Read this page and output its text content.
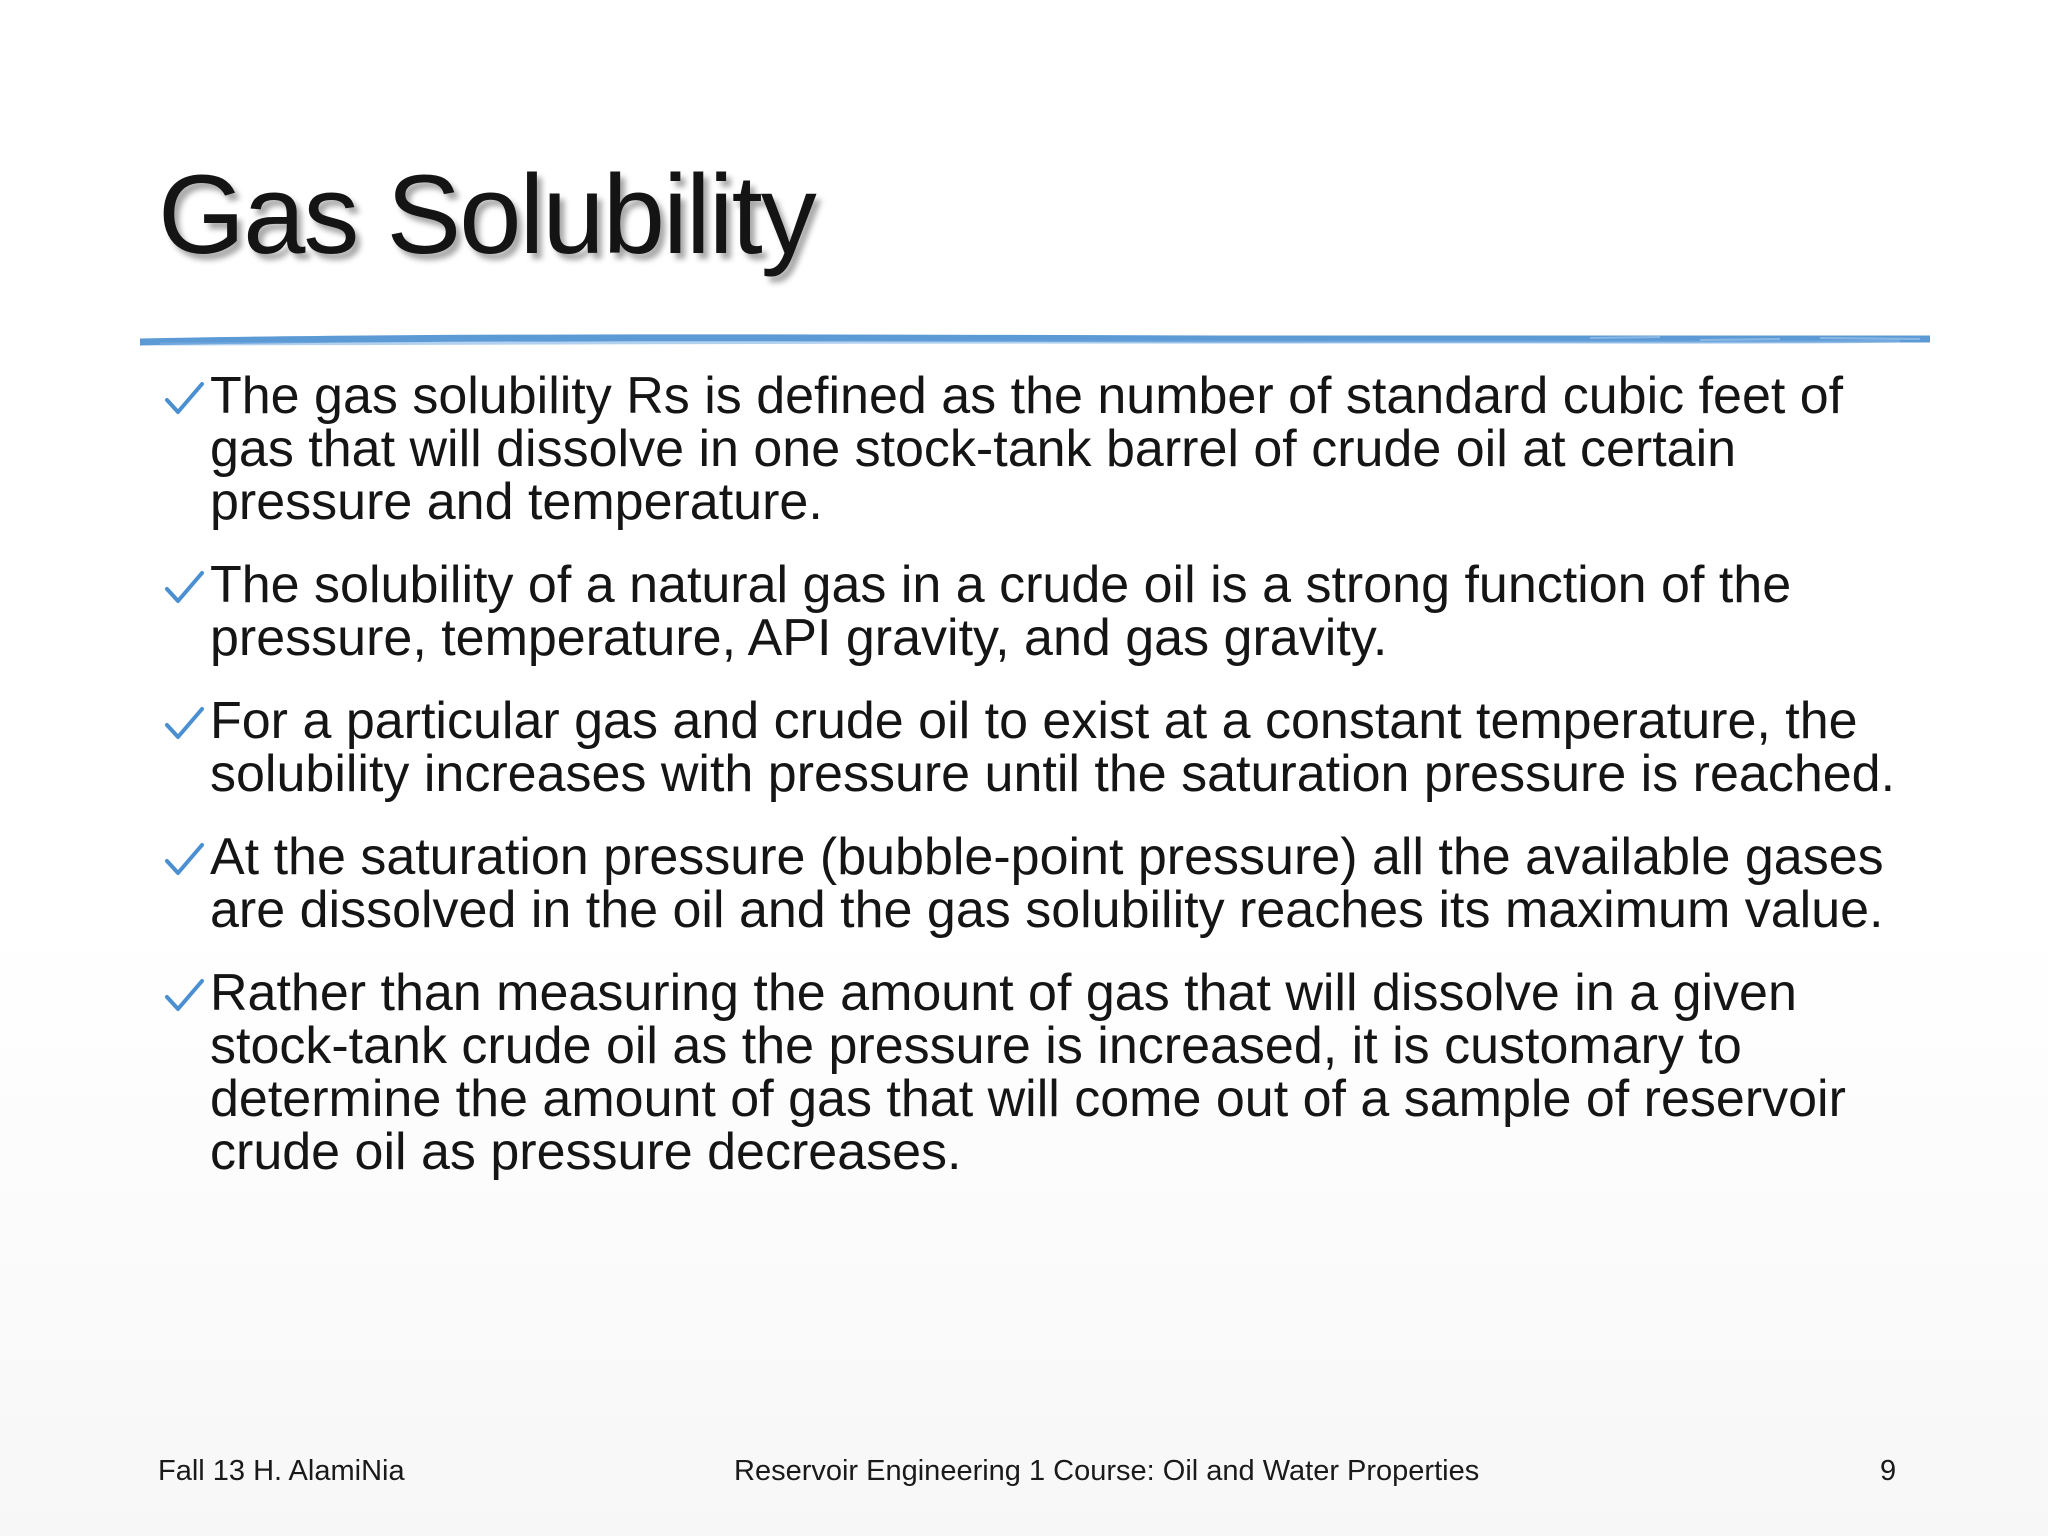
Gas Solubility
The gas solubility Rs is defined as the number of standard cubic feet of gas that will dissolve in one stock-tank barrel of crude oil at certain pressure and temperature.
The solubility of a natural gas in a crude oil is a strong function of the pressure, temperature, API gravity, and gas gravity.
For a particular gas and crude oil to exist at a constant temperature, the solubility increases with pressure until the saturation pressure is reached.
At the saturation pressure (bubble-point pressure) all the available gases are dissolved in the oil and the gas solubility reaches its maximum value.
Rather than measuring the amount of gas that will dissolve in a given stock-tank crude oil as the pressure is increased, it is customary to determine the amount of gas that will come out of a sample of reservoir crude oil as pressure decreases.
Fall 13 H. AlamiNia	Reservoir Engineering 1 Course: Oil and Water Properties	9
